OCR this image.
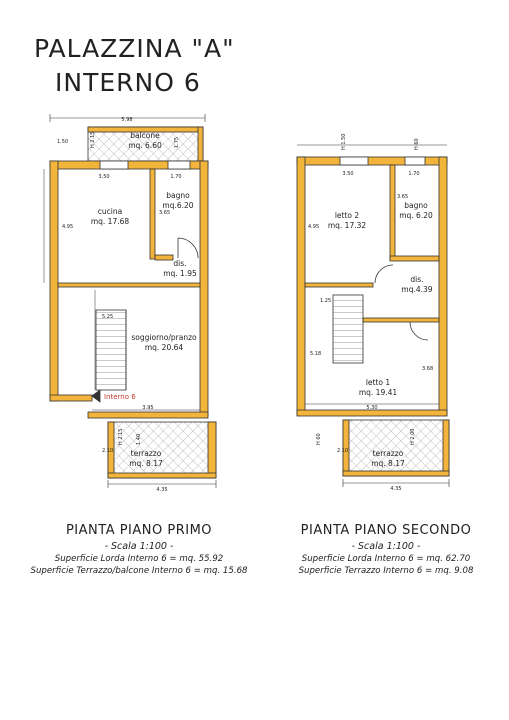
PALAZZINA "A"
INTERNO 6
5.98
1.50	H 2.15	1.75
balcone
mq. 6.60
3.50	1.70
cucina
mq. 17.68
4.95
bagno
mq.6.20
3.65
dis.
mq. 1.95
5.25
soggiorno/pranzo
mq. 20.64
Interno 6
3.95
H 2.15 1.40
2.10 terrazzo
mq. 8.17
4.35
H 1.50	H 60
3.50	1.70
letto 2
mq. 17.32
4.95
bagno
mq. 6.20
3.65
dis.
mq.4.39
1.25
5.18
3.68
letto 1
mq. 19.41
5.30
H 60	H 2.00
2.10	terrazzo
mq. 8.17
4.35
PIANTA PIANO PRIMO
- Scala 1:100 -
Superficie Lorda Interno 6 = mq. 55.92
Superficie Terrazzo/balcone Interno 6 = mq. 15.68
PIANTA PIANO SECONDO
- Scala 1:100 -
Superficie Lorda Interno 6 = mq. 62.70
Superficie Terrazzo Interno 6 = mq. 9.08
